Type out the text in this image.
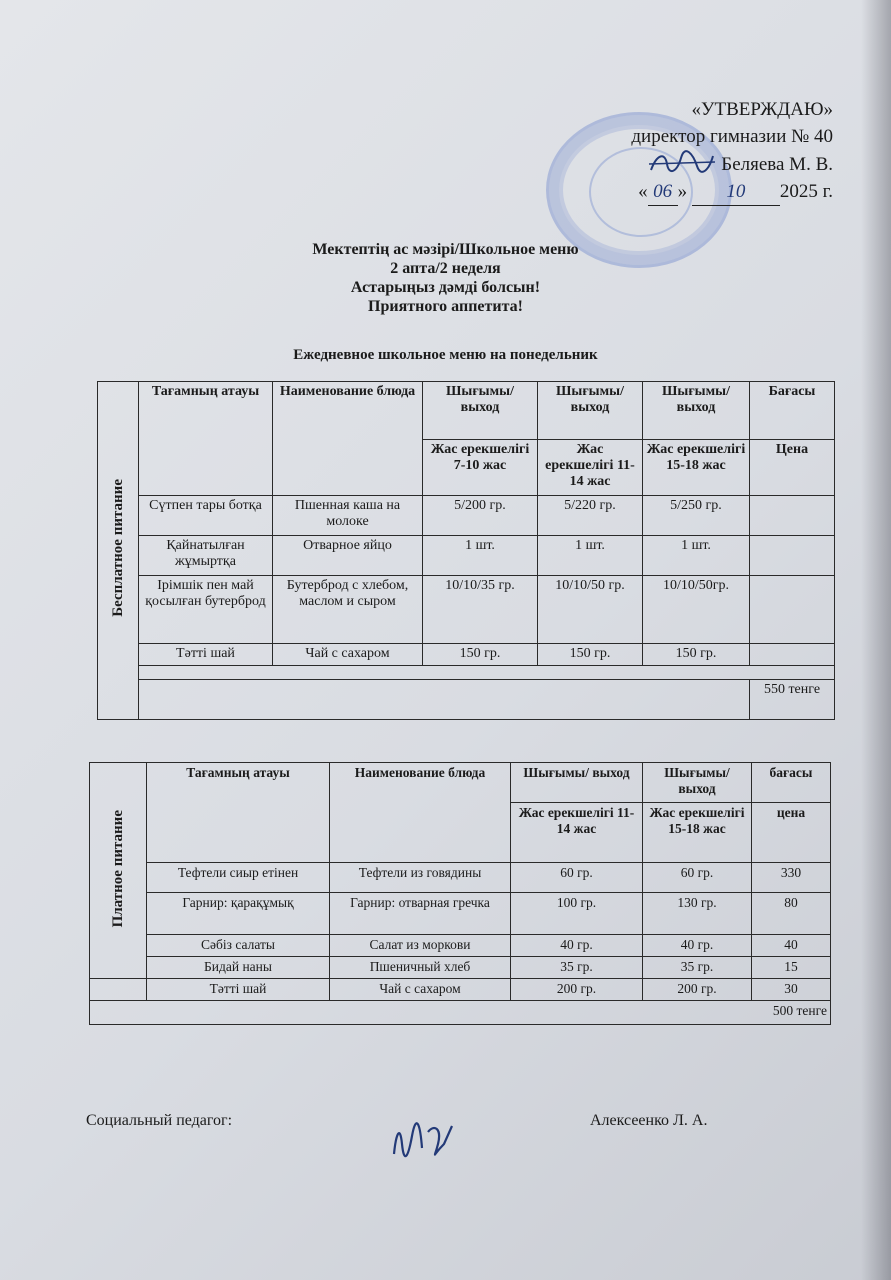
«УТВЕРЖДАЮ»
директор гимназии № 40
Беляева М. В.
« 06 » 10 2025 г.
Мектептің ас мәзірі/Школьное меню
2 апта/2 неделя
Астарыңыз дәмді болсын!
Приятного аппетита!
Ежедневное школьное меню на понедельник
Бесплатное питание	Тағамның атауы	Наименование блюда	Шығымы/ выход	Шығымы/ выход	Шығымы/ выход	Бағасы
			Жас ерекшелігі 7-10 жас	Жас ерекшелігі 11-14 жас	Жас ерекшелігі 15-18 жас	Цена
	Сүтпен тары ботқа	Пшенная каша на молоке	5/200 гр.	5/220 гр.	5/250 гр.	
	Қайнатылған жұмыртқа	Отварное яйцо	1 шт.	1 шт.	1 шт.	
	Ірімшік пен май қосылған бутерброд	Бутерброд с хлебом, маслом и сыром	10/10/35 гр.	10/10/50 гр.	10/10/50гр.	
	Тәтті шай	Чай с сахаром	150 гр.	150 гр.	150 гр.	

						550 тенге
Платное питание	Тағамның атауы	Наименование блюда	Шығымы/ выход	Шығымы/ выход	бағасы
			Жас ерекшелігі 11-14 жас	Жас ерекшелігі 15-18 жас	цена
	Тефтели сиыр етінен	Тефтели из говядины	60 гр.	60 гр.	330
	Гарнир: қарақұмық	Гарнир: отварная гречка	100 гр.	130 гр.	80
	Сәбіз салаты	Салат из моркови	40 гр.	40 гр.	40
	Бидай наны	Пшеничный хлеб	35 гр.	35 гр.	15
	Тәтті шай	Чай с сахаром	200 гр.	200 гр.	30
500 тенге					
Социальный педагог:	Алексеенко Л. А.
